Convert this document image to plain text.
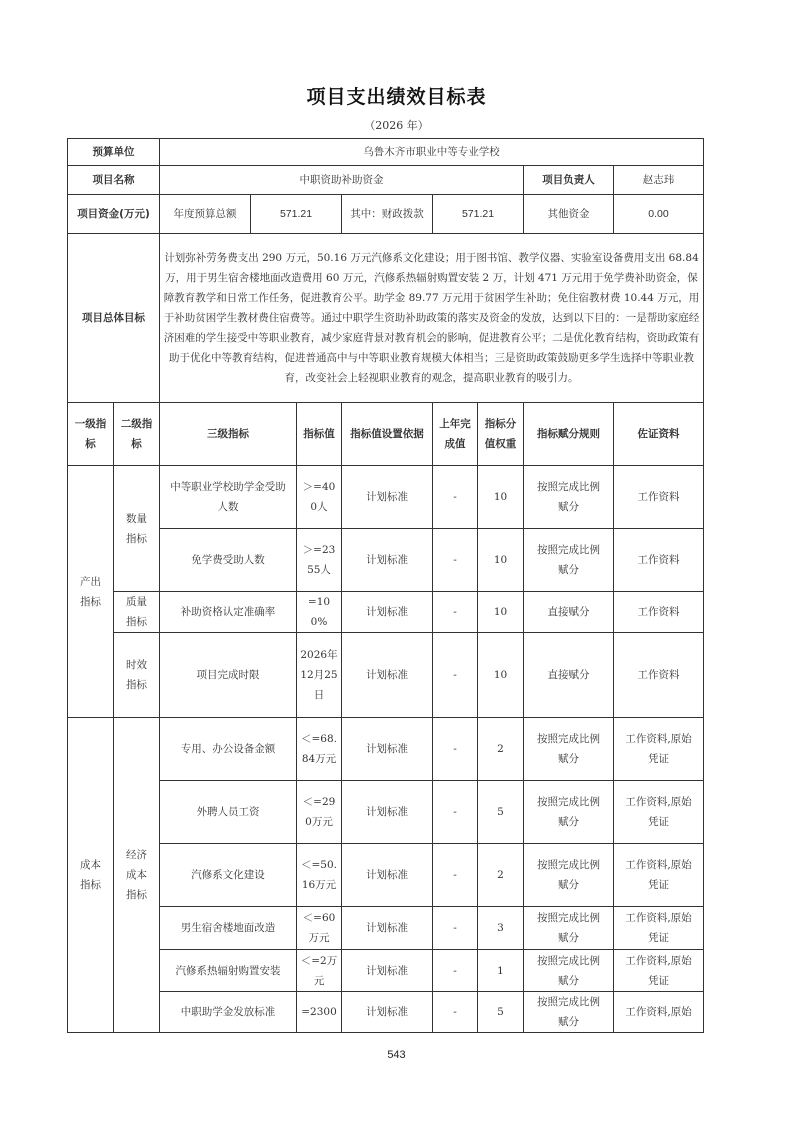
项目支出绩效目标表
（2026 年）
预算单位		乌鲁木齐市职业中等专业学校							
项目名称		中职资助补助资金						项目负责人	赵志玮
项目资金(万元)		年度预算总额	571.21		其中：财政拨款	571.21		其他资金	0.00
项目总体目标		计划弥补劳务费支出 290 万元，50.16 万元汽修系文化建设；用于图书馆、教学仪器、实验室设备费用支出 68.84 万，用于男生宿舍楼地面改造费用 60 万元，汽修系热辐射购置安装 2 万，计划 471 万元用于免学费补助资金，保障教育教学和日常工作任务，促进教育公平。助学金 89.77 万元用于贫困学生补助；免住宿教材费 10.44 万元，用于补助贫困学生教材费住宿费等。通过中职学生资助补助政策的落实及资金的发放，达到以下目的：一是帮助家庭经济困难的学生接受中等职业教育，减少家庭背景对教育机会的影响，促进教育公平；二是优化教育结构，资助政策有助于优化中等教育结构，促进普通高中与中等职业教育规模大体相当；三是资助政策鼓励更多学生选择中等职业教育，改变社会上轻视职业教育的观念，提高职业教育的吸引力。							
一级指标	二级指标	三级指标		指标值	指标值设置依据	上年完成值	指标分值权重	指标赋分规则	佐证资料
产出指标	数量指标	中等职业学校助学金受助人数		＞=400人	计划标准	-	10	按照完成比例赋分	工作资料
		免学费受助人数		＞=2355人	计划标准	-	10	按照完成比例赋分	工作资料
	质量指标	补助资格认定准确率		=100%	计划标准	-	10	直接赋分	工作资料
	时效指标	项目完成时限		2026年12月25日	计划标准	-	10	直接赋分	工作资料
成本指标	经济成本指标	专用、办公设备金额		＜=68.84万元	计划标准	-	2	按照完成比例赋分	工作资料,原始凭证
		外聘人员工资		＜=290万元	计划标准	-	5	按照完成比例赋分	工作资料,原始凭证
		汽修系文化建设		＜=50.16万元	计划标准	-	2	按照完成比例赋分	工作资料,原始凭证
		男生宿舍楼地面改造		＜=60万元	计划标准	-	3	按照完成比例赋分	工作资料,原始凭证
		汽修系热辐射购置安装		＜=2万元	计划标准	-	1	按照完成比例赋分	工作资料,原始凭证
		中职助学金发放标准		=2300	计划标准	-	5	按照完成比例赋分	工作资料,原始
543
